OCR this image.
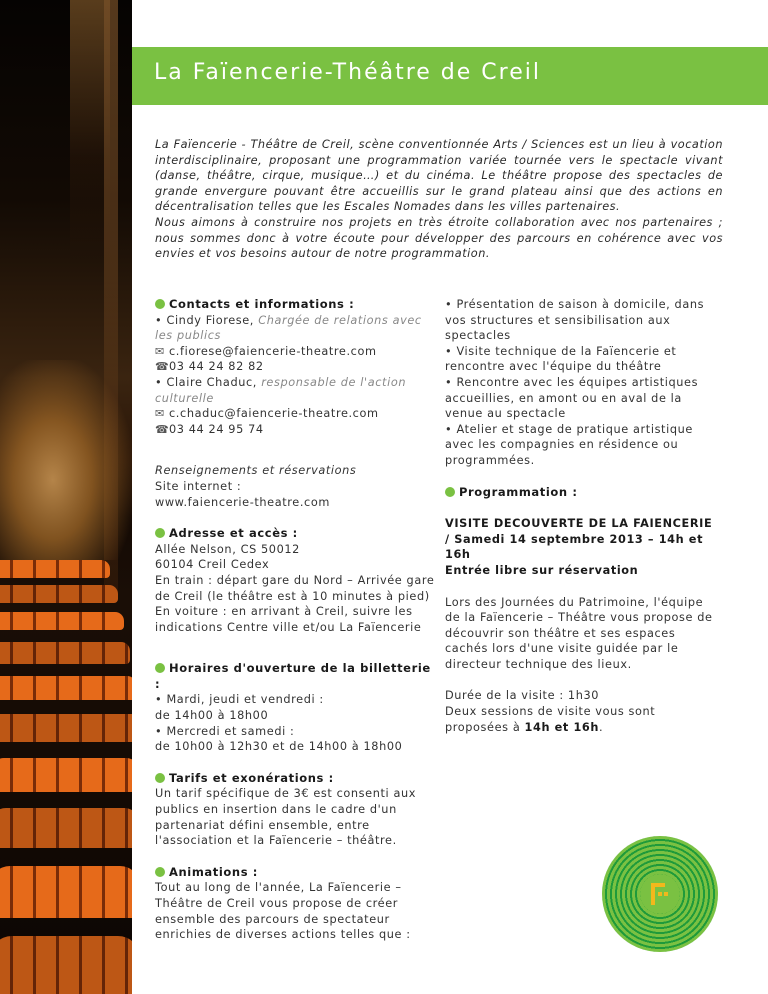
La Faïencerie-Théâtre de Creil

La Faïencerie - Théâtre de Creil, scène conventionnée Arts / Sciences est un lieu à vocation interdisciplinaire, proposant une programmation variée tournée vers le spectacle vivant (danse, théâtre, cirque, musique…) et du cinéma. Le théâtre propose des spectacles de grande envergure pouvant être accueillis sur le grand plateau ainsi que des actions en décentralisation telles que les Escales Nomades dans les villes partenaires.

Nous aimons à construire nos projets en très étroite collaboration avec nos partenaires ; nous sommes donc à votre écoute pour développer des parcours en cohérence avec vos envies et vos besoins autour de notre programmation.

Contacts et informations :

• Cindy Fiorese, Chargée de relations avec les publics

✉ c.fiorese@faiencerie-theatre.com

☎03 44 24 82 82

• Claire Chaduc, responsable de l'action culturelle

✉ c.chaduc@faiencerie-theatre.com

☎03 44 24 95 74

Renseignements et réservations

Site internet :

www.faiencerie-theatre.com

Adresse et accès :

Allée Nelson, CS 50012

60104 Creil Cedex

En train : départ gare du Nord – Arrivée gare de Creil (le théâtre est à 10 minutes à pied)

En voiture : en arrivant à Creil, suivre les indications Centre ville et/ou La Faïencerie

Horaires d'ouverture de la billetterie :

• Mardi, jeudi et vendredi :

de 14h00 à 18h00

• Mercredi et samedi :

de 10h00 à 12h30 et de 14h00 à 18h00

Tarifs et exonérations :

Un tarif spécifique de 3€ est consenti aux publics en insertion dans le cadre d'un partenariat défini ensemble, entre l'association et la Faïencerie – théâtre.

Animations :

Tout au long de l'année, La Faïencerie – Théâtre de Creil vous propose de créer ensemble des parcours de spectateur enrichies de diverses actions telles que :

• Présentation de saison à domicile, dans vos structures et sensibilisation aux spectacles

• Visite technique de la Faïencerie et rencontre avec l'équipe du théâtre

• Rencontre avec les équipes artistiques accueillies, en amont ou en aval de la venue au spectacle

• Atelier et stage de pratique artistique avec les compagnies en résidence ou programmées.

Programmation :

VISITE DECOUVERTE DE LA FAIENCERIE / Samedi 14 septembre 2013 – 14h et 16h

Entrée libre sur réservation

Lors des Journées du Patrimoine, l'équipe de la Faïencerie – Théâtre vous propose de découvrir son théâtre et ses espaces cachés lors d'une visite guidée par le directeur technique des lieux.

Durée de la visite : 1h30

Deux sessions de visite vous sont proposées à 14h et 16h.
